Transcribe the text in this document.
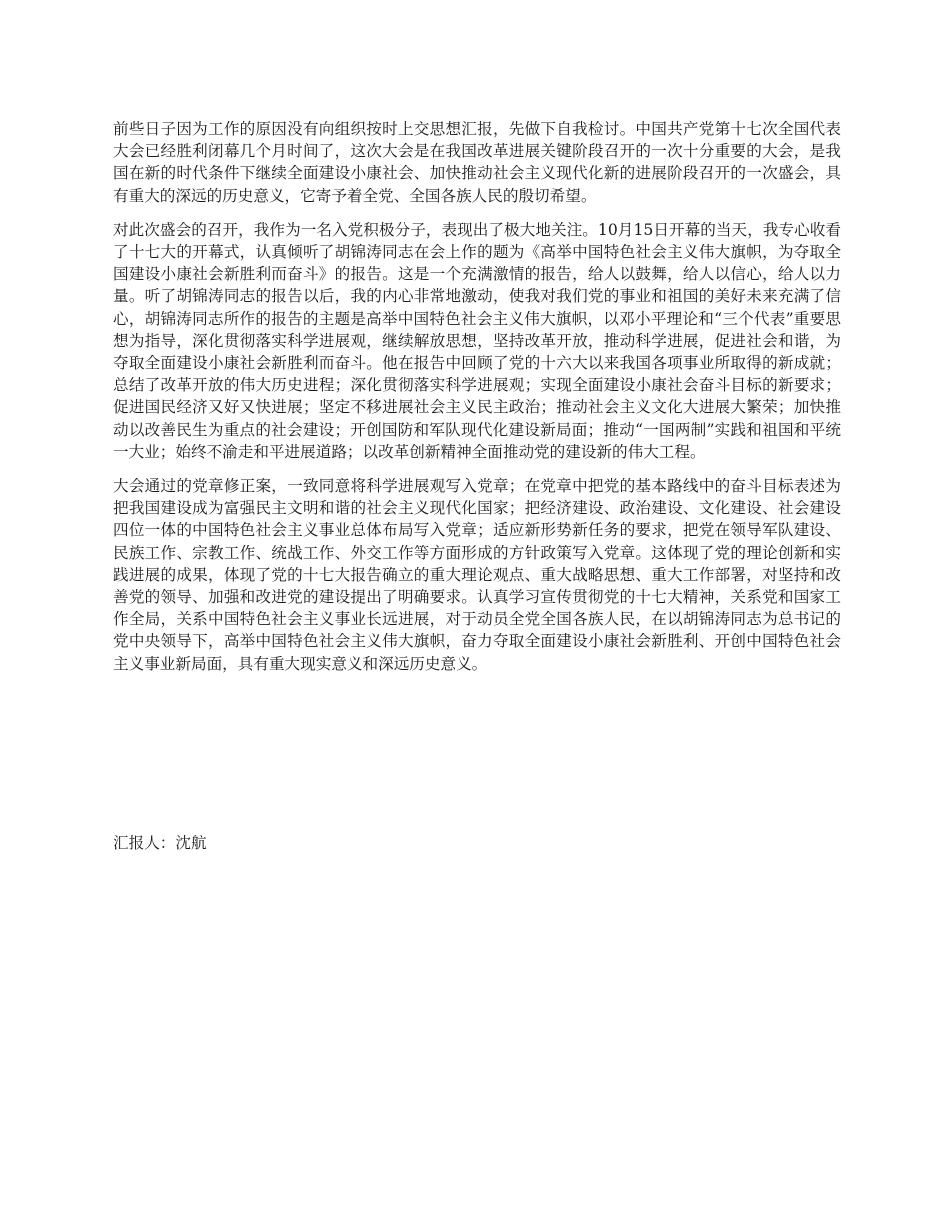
前些日子因为工作的原因没有向组织按时上交思想汇报，先做下自我检讨。中国共产党第十七次全国代表大会已经胜利闭幕几个月时间了，这次大会是在我国改革进展关键阶段召开的一次十分重要的大会，是我国在新的时代条件下继续全面建设小康社会、加快推动社会主义现代化新的进展阶段召开的一次盛会，具有重大的深远的历史意义，它寄予着全党、全国各族人民的殷切希望。

对此次盛会的召开，我作为一名入党积极分子，表现出了极大地关注。10月15日开幕的当天，我专心收看了十七大的开幕式，认真倾听了胡锦涛同志在会上作的题为《高举中国特色社会主义伟大旗帜，为夺取全国建设小康社会新胜利而奋斗》的报告。这是一个充满激情的报告，给人以鼓舞，给人以信心，给人以力量。听了胡锦涛同志的报告以后，我的内心非常地激动，使我对我们党的事业和祖国的美好未来充满了信心，胡锦涛同志所作的报告的主题是高举中国特色社会主义伟大旗帜，以邓小平理论和“三个代表”重要思想为指导，深化贯彻落实科学进展观，继续解放思想，坚持改革开放，推动科学进展，促进社会和谐，为夺取全面建设小康社会新胜利而奋斗。他在报告中回顾了党的十六大以来我国各项事业所取得的新成就；总结了改革开放的伟大历史进程；深化贯彻落实科学进展观；实现全面建设小康社会奋斗目标的新要求；促进国民经济又好又快进展；坚定不移进展社会主义民主政治；推动社会主义文化大进展大繁荣；加快推动以改善民生为重点的社会建设；开创国防和军队现代化建设新局面；推动“一国两制”实践和祖国和平统一大业；始终不渝走和平进展道路；以改革创新精神全面推动党的建设新的伟大工程。

大会通过的党章修正案，一致同意将科学进展观写入党章；在党章中把党的基本路线中的奋斗目标表述为把我国建设成为富强民主文明和谐的社会主义现代化国家；把经济建设、政治建设、文化建设、社会建设四位一体的中国特色社会主义事业总体布局写入党章；适应新形势新任务的要求，把党在领导军队建设、民族工作、宗教工作、统战工作、外交工作等方面形成的方针政策写入党章。这体现了党的理论创新和实践进展的成果，体现了党的十七大报告确立的重大理论观点、重大战略思想、重大工作部署，对坚持和改善党的领导、加强和改进党的建设提出了明确要求。认真学习宣传贯彻党的十七大精神，关系党和国家工作全局，关系中国特色社会主义事业长远进展，对于动员全党全国各族人民，在以胡锦涛同志为总书记的党中央领导下，高举中国特色社会主义伟大旗帜，奋力夺取全面建设小康社会新胜利、开创中国特色社会主义事业新局面，具有重大现实意义和深远历史意义。

汇报人：沈航
